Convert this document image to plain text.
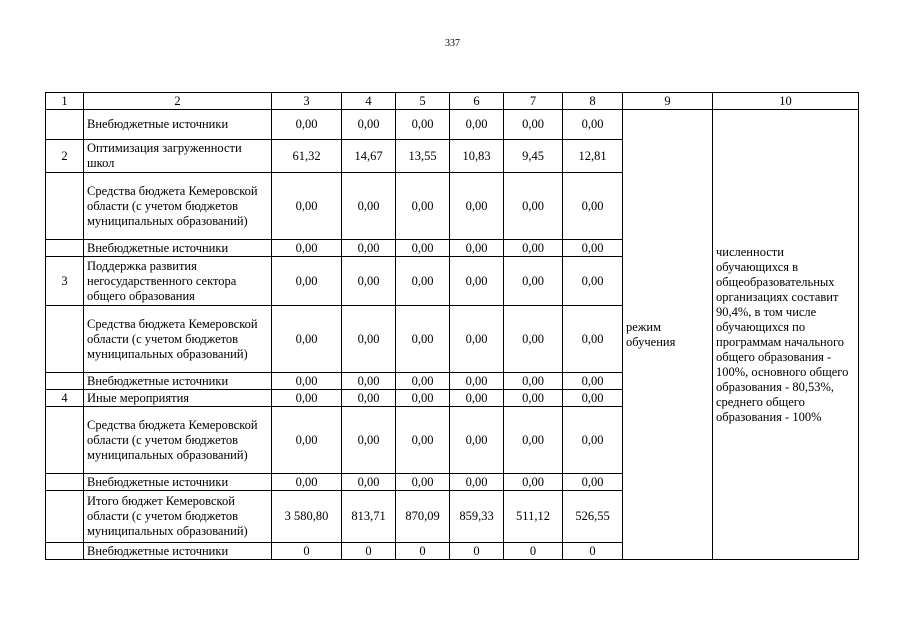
337
1	2	3	4	5	6	7	8	9	10
	Внебюджетные источники	0,00	0,00	0,00	0,00	0,00	0,00	режим обучения	численности обучающихся в общеобразовательных организациях составит 90,4%, в том числе обучающихся по программам начального общего образования - 100%, основного общего образования - 80,53%, среднего общего образования - 100%
2	Оптимизация загруженности школ	61,32	14,67	13,55	10,83	9,45	12,81		
	Средства бюджета Кемеровской области (с учетом бюджетов муниципальных образований)	0,00	0,00	0,00	0,00	0,00	0,00		
	Внебюджетные источники	0,00	0,00	0,00	0,00	0,00	0,00		
3	Поддержка развития негосударственного сектора общего образования	0,00	0,00	0,00	0,00	0,00	0,00		
	Средства бюджета Кемеровской области (с учетом бюджетов муниципальных образований)	0,00	0,00	0,00	0,00	0,00	0,00		
	Внебюджетные источники	0,00	0,00	0,00	0,00	0,00	0,00		
4	Иные мероприятия	0,00	0,00	0,00	0,00	0,00	0,00		
	Средства бюджета Кемеровской области (с учетом бюджетов муниципальных образований)	0,00	0,00	0,00	0,00	0,00	0,00		
	Внебюджетные источники	0,00	0,00	0,00	0,00	0,00	0,00		
	Итого бюджет Кемеровской области (с учетом бюджетов муниципальных образований)	3 580,80	813,71	870,09	859,33	511,12	526,55		
	Внебюджетные источники	0	0	0	0	0	0		
